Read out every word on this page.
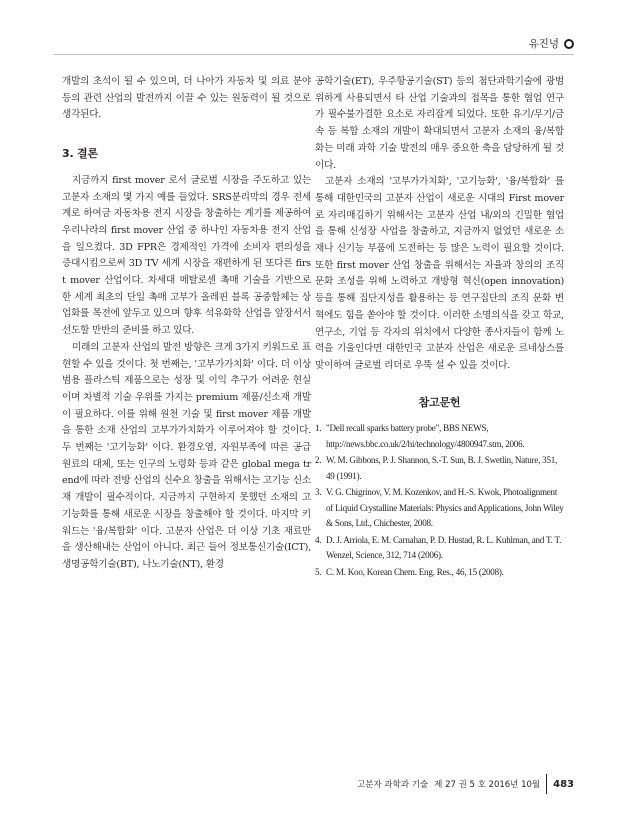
유진녕

개발의 초석이 될 수 있으며, 더 나아가 자동차 및 의료 분야 등의 관련 산업의 발전까지 이끌 수 있는 원동력이 될 것으로 생각된다.

3. 결론

지금까지 first mover 로서 글로벌 시장을 주도하고 있는 고분자 소재의 몇 가지 예를 들었다. SRS분리막의 경우 전세계로 하여금 자동차용 전지 시장을 창출하는 계기를 제공하여 우리나라의 first mover 산업 중 하나인 자동차용 전지 산업을 일으켰다. 3D FPR은 경제적인 가격에 소비자 편의성을 증대시킴으로써 3D TV 세계 시장을 재편하게 된 또다른 first mover 산업이다. 차세대 메탈로센 촉매 기술을 기반으로 한 세계 최초의 단일 촉매 고부가 올레핀 블록 공중합체는 상업화를 목전에 앞두고 있으며 향후 석유화학 산업을 앞장서서 선도할 만반의 준비를 하고 있다.

미래의 고분자 산업의 발전 방향은 크게 3가지 키워드로 표현할 수 있을 것이다. 첫 번째는, '고부가가치화' 이다. 더 이상 범용 플라스틱 제품으로는 성장 및 이익 추구가 어려운 현실이며 차별적 기술 우위를 가지는 premium 제품/신소재 개발이 필요하다. 이를 위해 원천 기술 및 first mover 제품 개발을 통한 소재 산업의 고부가가치화가 이루어져야 할 것이다. 두 번째는 '고기능화' 이다. 환경오염, 자원부족에 따른 공급 원료의 대체, 또는 인구의 노령화 등과 같은 global mega trend에 따라 전방 산업의 신수요 창출을 위해서는 고기능 신소재 개발이 필수적이다. 지금까지 구현하지 못했던 소재의 고기능화를 통해 새로운 시장을 창출해야 할 것이다. 마지막 키워드는 '융/복합화' 이다. 고분자 산업은 더 이상 기초 재료만을 생산해내는 산업이 아니다. 최근 들어 정보통신기술(ICT), 생명공학기술(BT), 나노기술(NT), 환경

공학기술(ET), 우주항공기술(ST) 등의 첨단과학기술에 광범위하게 사용되면서 타 산업 기술과의 접목을 통한 협업 연구가 필수불가결한 요소로 자리잡게 되었다. 또한 유기/무기/금속 등 복합 소재의 개발이 확대되면서 고분자 소재의 융/복합화는 미래 과학 기술 발전의 매우 중요한 축을 담당하게 될 것이다.

고분자 소재의 '고부가가치화', '고기능화', '융/복합화' 를 통해 대한민국의 고분자 산업이 새로운 시대의 First mover로 자리매김하기 위해서는 고분자 산업 내/외의 긴밀한 협업을 통해 신성장 사업을 창출하고, 지금까지 없었던 새로운 소재나 신기능 부품에 도전하는 등 많은 노력이 필요할 것이다. 또한 first mover 산업 창출을 위해서는 자율과 창의의 조직문화 조성을 위해 노력하고 개방형 혁신(open innovation) 등을 통해 집단지성을 활용하는 등 연구집단의 조직 문화 변혁에도 힘을 쏟아야 할 것이다. 이러한 소명의식을 갖고 학교, 연구소, 기업 등 각자의 위치에서 다양한 종사자들이 함께 노력을 기울인다면 대한민국 고분자 산업은 새로운 르네상스를 맞이하여 글로벌 리더로 우뚝 설 수 있을 것이다.

참고문헌
1. "Dell recall sparks battery probe", BBS NEWS, http://news.bbc.co.uk/2/hi/technology/4800947.stm, 2006.
2. W. M. Gibbons, P. J. Shannon, S.-T. Sun, B. J. Swetlin, Nature, 351, 49 (1991).
3. V. G. Chigrinov, V. M. Kozenkov, and H.-S. Kwok, Photoalignment of Liquid Crystalline Materials: Physics and Applications, John Wiley & Sons, Ltd., Chichester, 2008.
4. D. J. Arriola, E. M. Carnahan, P. D. Hustad, R. L. Kuhlman, and T. T. Wenzel, Science, 312, 714 (2006).
5. C. M. Koo, Korean Chem. Eng. Res., 46, 15 (2008).
고분자 과학과 기술 제 27 권 5 호 2016년 10월 483
